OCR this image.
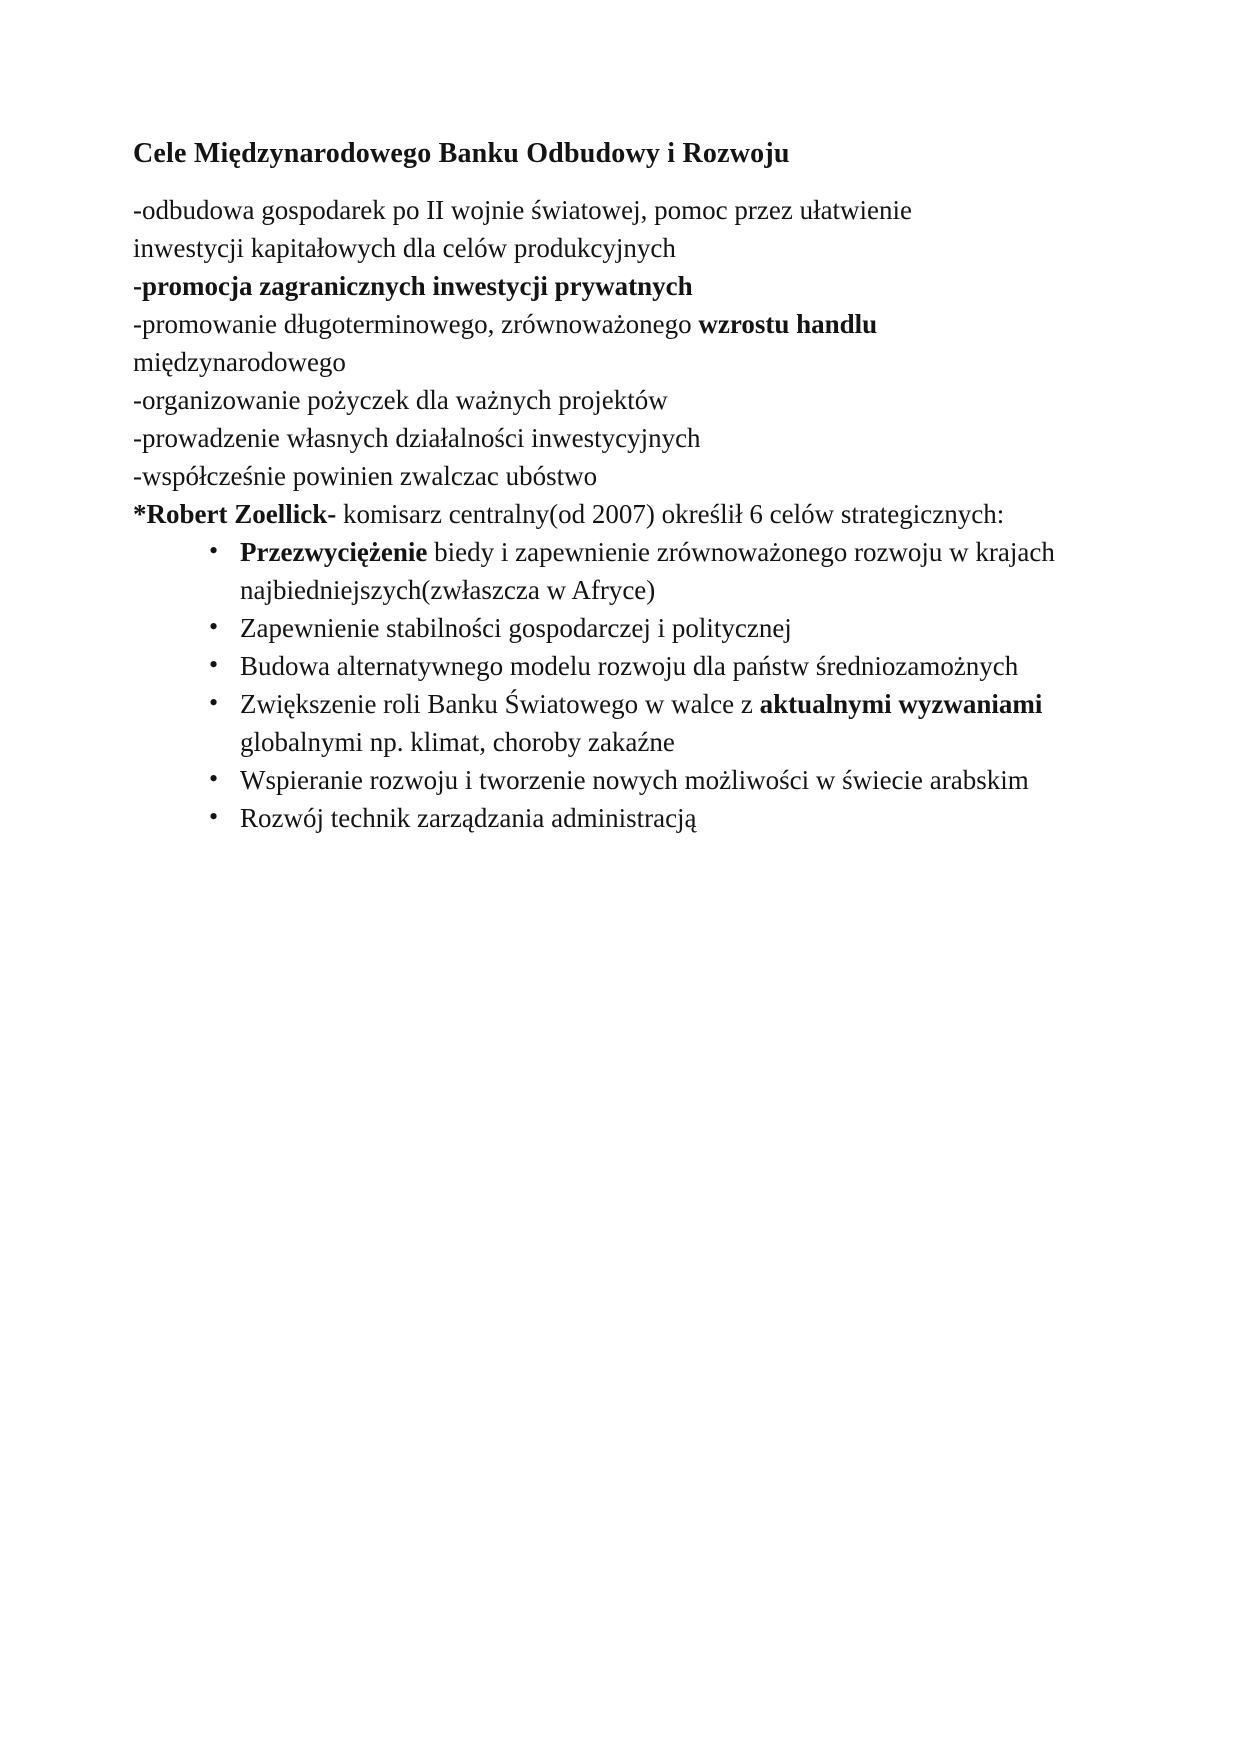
Cele Międzynarodowego Banku Odbudowy i Rozwoju
-odbudowa gospodarek po II wojnie światowej, pomoc przez ułatwienie
inwestycji kapitałowych dla celów produkcyjnych
-promocja zagranicznych inwestycji prywatnych
-promowanie długoterminowego, zrównoważonego wzrostu handlu
międzynarodowego
-organizowanie pożyczek dla ważnych projektów
-prowadzenie własnych działalności inwestycyjnych
-współcześnie powinien zwalczac ubóstwo
*Robert Zoellick- komisarz centralny(od 2007) określił 6 celów strategicznych:
• Przezwyciężenie biedy i zapewnienie zrównoważonego rozwoju w krajach najbiedniejszych(zwłaszcza w Afryce)
• Zapewnienie stabilności gospodarczej i politycznej
• Budowa alternatywnego modelu rozwoju dla państw średniozamożnych
• Zwiększenie roli Banku Światowego w walce z aktualnymi wyzwaniami globalnymi np. klimat, choroby zakaźne
• Wspieranie rozwoju i tworzenie nowych możliwości w świecie arabskim
• Rozwój technik zarządzania administracją
